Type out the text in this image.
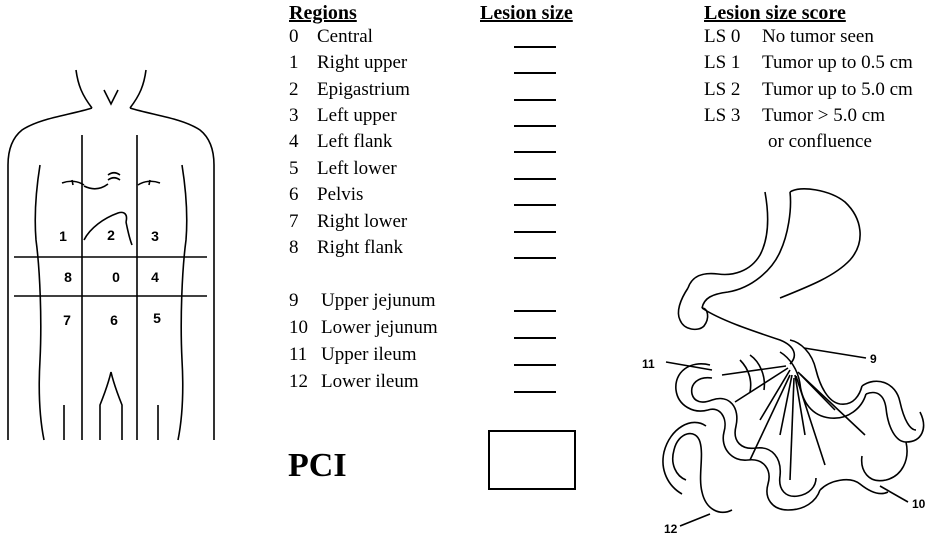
1	2	3
8	0 4
7	6	5
Regions	Lesion size
0 Central
1 Right upper
2 Epigastrium
3 Left upper
4 Left flank
5 Left lower
6 Pelvis
7 Right lower
8 Right flank
9 Upper jejunum
10 Lower jejunum
11 Upper ileum
12 Lower ileum
PCI
Lesion size score
LS 0 No tumor seen
LS 1 Tumor up to 0.5 cm
LS 2 Tumor up to 5.0 cm
LS 3 Tumor > 5.0 cm
or confluence
11	9
12
10
